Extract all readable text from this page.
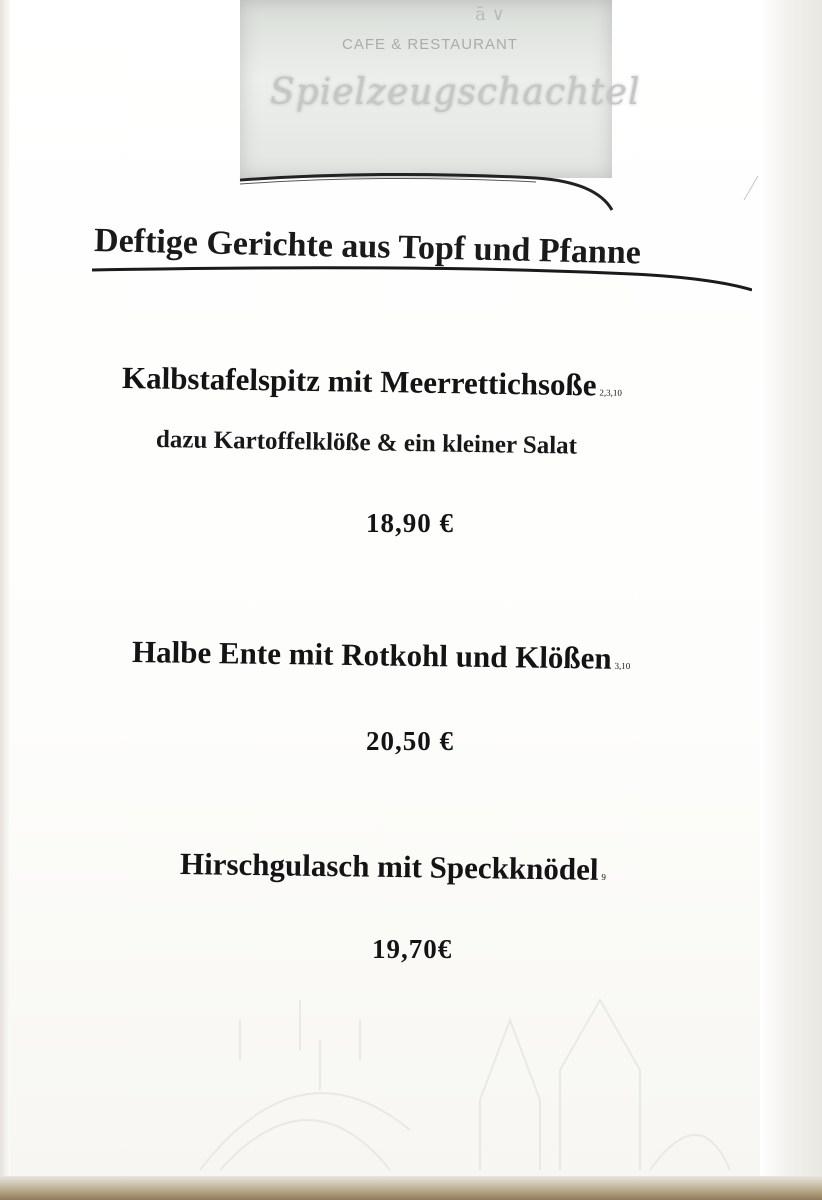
ā ∨
CAFE & RESTAURANT
Spielzeugschachtel
Deftige Gerichte aus Topf und Pfanne
Kalbstafelspitz mit Meerrettichsoße 2,3,10
dazu Kartoffelklöße & ein kleiner Salat
18,90 €
Halbe Ente mit Rotkohl und Klößen 3,10
20,50 €
Hirschgulasch mit Speckknödel 9
19,70€
